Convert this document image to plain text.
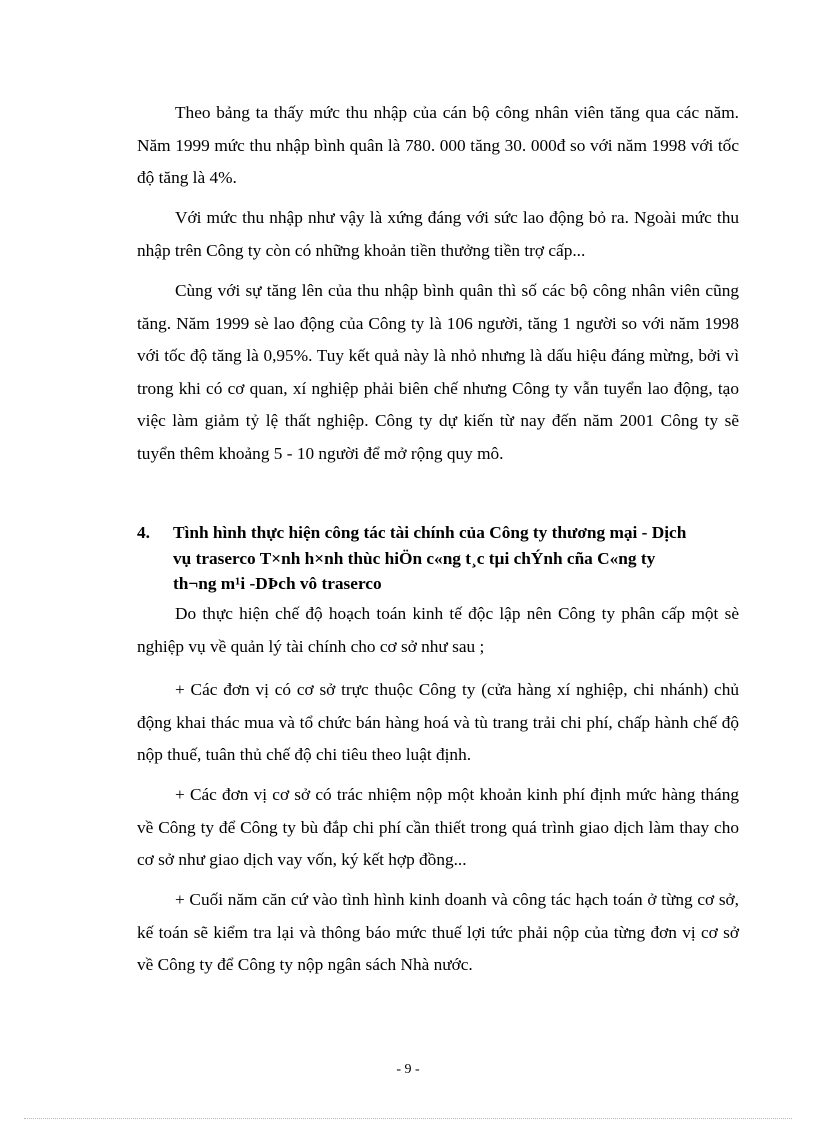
Theo bảng ta thấy mức thu nhập của cán bộ công nhân viên tăng qua các năm. Năm 1999 mức thu nhập bình quân là 780. 000 tăng 30. 000đ so với năm 1998 với tốc độ tăng là 4%.

Với mức thu nhập như vậy là xứng đáng với sức lao động bỏ ra. Ngoài mức thu nhập trên Công ty còn có những khoản tiền thưởng tiền trợ cấp...

Cùng với sự tăng lên của thu nhập bình quân thì số các bộ công nhân viên cũng tăng. Năm 1999 sè lao động của Công ty là 106 người, tăng 1 người so với năm 1998 với tốc độ tăng là 0,95%. Tuy kết quả này là nhỏ nhưng là dấu hiệu đáng mừng, bởi vì trong khi có cơ quan, xí nghiệp phải biên chế nhưng Công ty vẫn tuyển lao động, tạo việc làm giảm tỷ lệ thất nghiệp. Công ty dự kiến từ nay đến năm 2001 Công ty sẽ tuyển thêm khoảng 5 - 10 người để mở rộng quy mô.

4. Tình hình thực hiện công tác tài chính của Công ty thương mại - Dịch
vụ traserco T×nh h×nh thùc hiÖn c«ng t¸c tµi chÝnh cña C«ng ty
th¬ng m¹i -DÞch vô traserco

Do thực hiện chế độ hoạch toán kinh tế độc lập nên Công ty phân cấp một sè nghiệp vụ về quản lý tài chính cho cơ sở như sau ;

+ Các đơn vị có cơ sở trực thuộc Công ty (cửa hàng xí nghiệp, chi nhánh) chủ động khai thác mua và tổ chức bán hàng hoá và tù trang trải chi phí, chấp hành chế độ nộp thuế, tuân thủ chế độ chi tiêu theo luật định.

+ Các đơn vị cơ sở có trác nhiệm nộp một khoản kinh phí định mức hàng tháng về Công ty để Công ty bù đắp chi phí cần thiết trong quá trình giao dịch làm thay cho cơ sở như giao dịch vay vốn, ký kết hợp đồng...

+ Cuối năm căn cứ vào tình hình kinh doanh và công tác hạch toán ở từng cơ sở, kế toán sẽ kiểm tra lại và thông báo mức thuế lợi tức phải nộp của từng đơn vị cơ sở về Công ty để Công ty nộp ngân sách Nhà nước.

- 9 -
